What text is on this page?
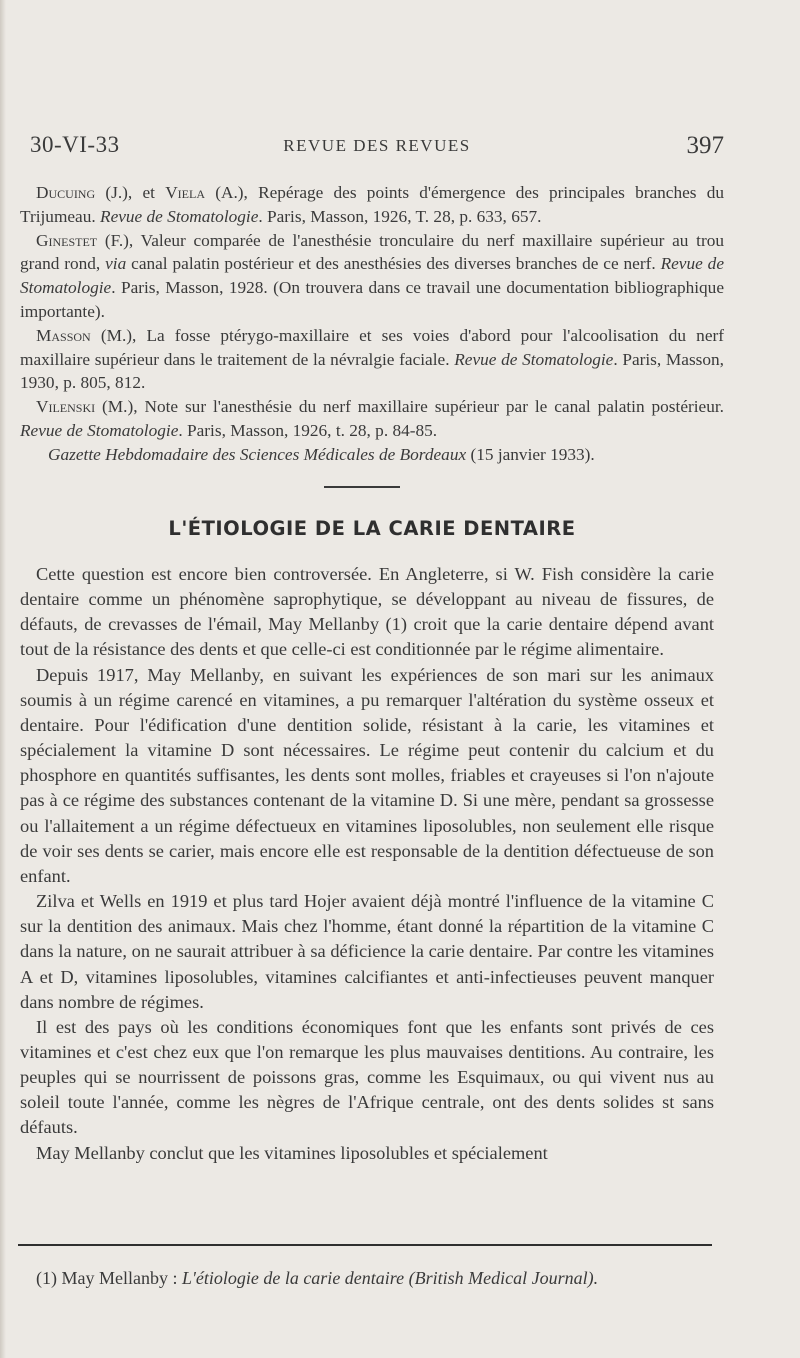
30-VI-33	REVUE DES REVUES	397

Ducuing (J.), et Viela (A.), Repérage des points d'émergence des principales branches du Trijumeau. Revue de Stomatologie. Paris, Masson, 1926, T. 28, p. 633, 657.

Ginestet (F.), Valeur comparée de l'anesthésie tronculaire du nerf maxillaire supérieur au trou grand rond, via canal palatin postérieur et des anesthésies des diverses branches de ce nerf. Revue de Stomatologie. Paris, Masson, 1928. (On trouvera dans ce travail une documentation bibliographique importante).

Masson (M.), La fosse ptérygo-maxillaire et ses voies d'abord pour l'alcoolisation du nerf maxillaire supérieur dans le traitement de la névralgie faciale. Revue de Stomatologie. Paris, Masson, 1930, p. 805, 812.

Vilenski (M.), Note sur l'anesthésie du nerf maxillaire supérieur par le canal palatin postérieur. Revue de Stomatologie. Paris, Masson, 1926, t. 28, p. 84-85.

Gazette Hebdomadaire des Sciences Médicales de Bordeaux (15 janvier 1933).

L'ÉTIOLOGIE DE LA CARIE DENTAIRE

Cette question est encore bien controversée. En Angleterre, si W. Fish considère la carie dentaire comme un phénomène saprophytique, se développant au niveau de fissures, de défauts, de crevasses de l'émail, May Mellanby (1) croit que la carie dentaire dépend avant tout de la résistance des dents et que celle-ci est conditionnée par le régime alimentaire.

Depuis 1917, May Mellanby, en suivant les expériences de son mari sur les animaux soumis à un régime carencé en vitamines, a pu remarquer l'altération du système osseux et dentaire. Pour l'édification d'une dentition solide, résistant à la carie, les vitamines et spécialement la vitamine D sont nécessaires. Le régime peut contenir du calcium et du phosphore en quantités suffisantes, les dents sont molles, friables et crayeuses si l'on n'ajoute pas à ce régime des substances contenant de la vitamine D. Si une mère, pendant sa grossesse ou l'allaitement a un régime défectueux en vitamines liposolubles, non seulement elle risque de voir ses dents se carier, mais encore elle est responsable de la dentition défectueuse de son enfant.

Zilva et Wells en 1919 et plus tard Hojer avaient déjà montré l'influence de la vitamine C sur la dentition des animaux. Mais chez l'homme, étant donné la répartition de la vitamine C dans la nature, on ne saurait attribuer à sa déficience la carie dentaire. Par contre les vitamines A et D, vitamines liposolubles, vitamines calcifiantes et anti-infectieuses peuvent manquer dans nombre de régimes.

Il est des pays où les conditions économiques font que les enfants sont privés de ces vitamines et c'est chez eux que l'on remarque les plus mauvaises dentitions. Au contraire, les peuples qui se nourrissent de poissons gras, comme les Esquimaux, ou qui vivent nus au soleil toute l'année, comme les nègres de l'Afrique centrale, ont des dents solides st sans défauts.

May Mellanby conclut que les vitamines liposolubles et spécialement

(1) May Mellanby : L'étiologie de la carie dentaire (British Medical Journal).
